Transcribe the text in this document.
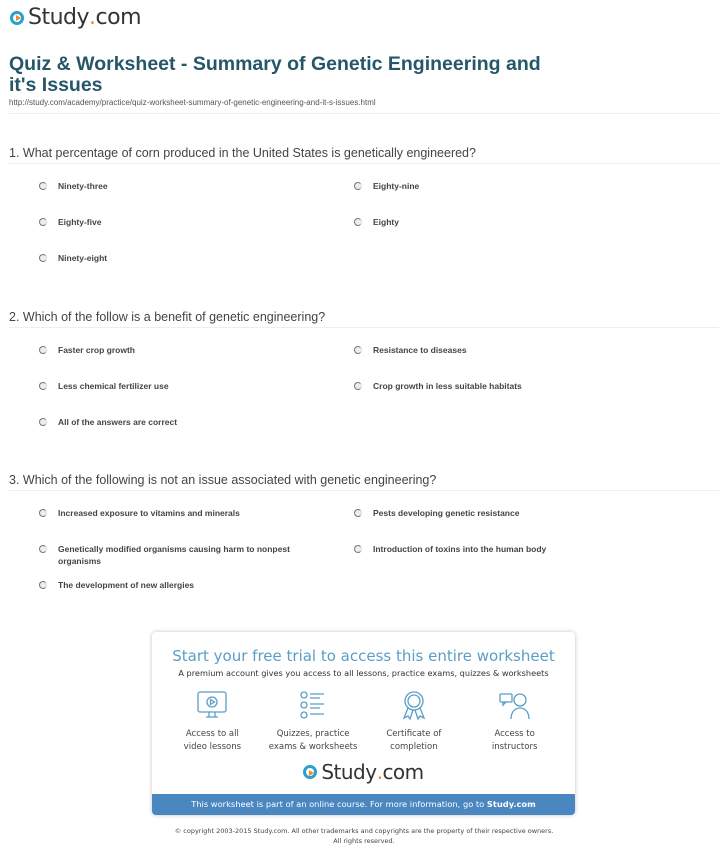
Study . com
Quiz & Worksheet - Summary of Genetic Engineering and it's Issues
http://study.com/academy/practice/quiz-worksheet-summary-of-genetic-engineering-and-it-s-issues.html
1. What percentage of corn produced in the United States is genetically engineered?
Ninety-three	Eighty-nine
Eighty-five	Eighty
Ninety-eight
2. Which of the follow is a benefit of genetic engineering?
Faster crop growth	Resistance to diseases
Less chemical fertilizer use	Crop growth in less suitable habitats
All of the answers are correct
3. Which of the following is not an issue associated with genetic engineering?
Increased exposure to vitamins and minerals	Pests developing genetic resistance
Genetically modified organisms causing harm to nonpest organisms
Introduction of toxins into the human body
The development of new allergies
Start your free trial to access this entire worksheet
A premium account gives you access to all lessons, practice exams, quizzes & worksheets
Access to all
video lessons
Quizzes, practice
exams & worksheets
Certificate of
completion
Access to
instructors
Study . com
This worksheet is part of an online course. For more information, go to Study.com
© copyright 2003-2015 Study.com. All other trademarks and copyrights are the property of their respective owners.
All rights reserved.
